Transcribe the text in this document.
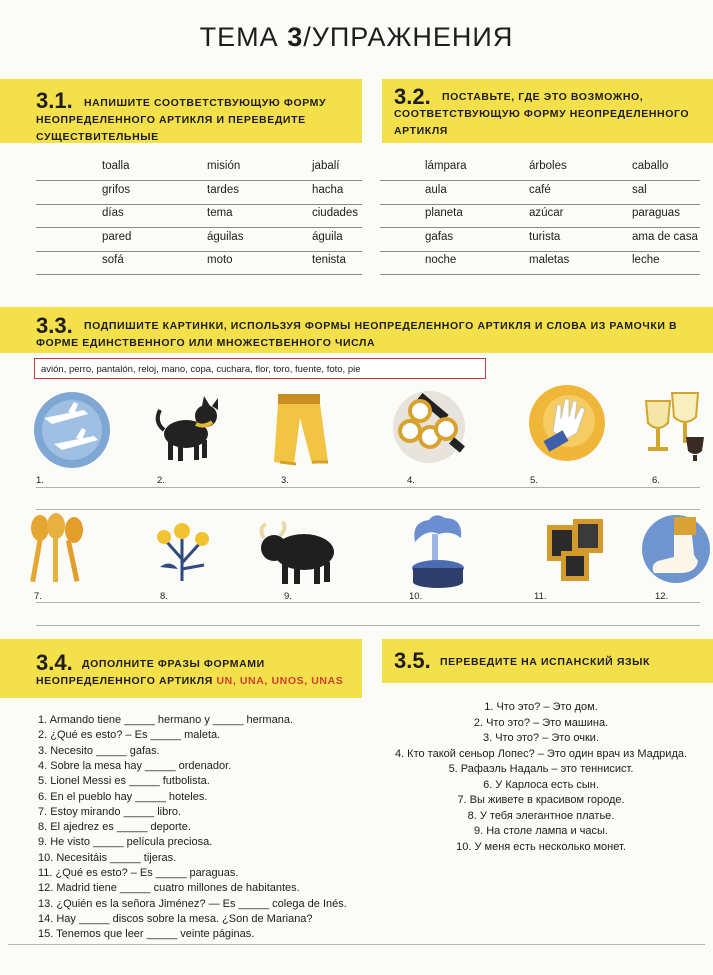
ТЕМА 3/УПРАЖНЕНИЯ
3.1.	НАПИШИТЕ СООТВЕТСТВУЮЩУЮ ФОРМУ НЕОПРЕДЕЛЕННОГО АРТИКЛЯ И ПЕРЕВЕДИТЕ СУЩЕСТВИТЕЛЬНЫЕ
3.2.	ПОСТАВЬТЕ, ГДЕ ЭТО ВОЗМОЖНО, СООТВЕТСТВУЮЩУЮ ФОРМУ НЕОПРЕДЕЛЕННОГО АРТИКЛЯ
toalla	misión	jabalí
grifos	tardes	hacha
días	tema	ciudades
pared	águilas	águila
sofá	moto	tenista
lámpara	árboles	caballo
aula	café	sal
planeta	azúcar	paraguas
gafas	turista	ama de casa
noche	maletas	leche
3.3.	ПОДПИШИТЕ КАРТИНКИ, ИСПОЛЬЗУЯ ФОРМЫ НЕОПРЕДЕЛЕННОГО АРТИКЛЯ И СЛОВА ИЗ РАМОЧКИ В ФОРМЕ ЕДИНСТВЕННОГО ИЛИ МНОЖЕСТВЕННОГО ЧИСЛА
avión, perro, pantalón, reloj, mano, copa, cuchara, flor, toro, fuente, foto, pie
1.	2.	3.	4.	5.	6.
7.	8.	9.	10.	11.	12.
3.4. ДОПОЛНИТЕ ФРАЗЫ ФОРМАМИ НЕОПРЕДЕЛЕННОГО АРТИКЛЯ UN, UNA, UNOS, UNAS
3.5. ПЕРЕВЕДИТЕ НА ИСПАНСКИЙ ЯЗЫК
1. Armando tiene _____ hermano y _____ hermana.
2. ¿Qué es esto? – Es _____ maleta.
3. Necesito _____ gafas.
4. Sobre la mesa hay _____ ordenador.
5. Lionel Messi es _____ futbolista.
6. En el pueblo hay _____ hoteles.
7. Estoy mirando _____ libro.
8. El ajedrez es _____ deporte.
9. He visto _____ película preciosa.
10. Necesitáis _____ tijeras.
11. ¿Qué es esto? – Es _____ paraguas.
12. Madrid tiene _____ cuatro millones de habitantes.
13. ¿Quién es la señora Jiménez? — Es _____ colega de Inés.
14. Hay _____ discos sobre la mesa. ¿Son de Mariana?
15. Tenemos que leer _____ veinte páginas.
1. Что это? – Это дом.
2. Что это? – Это машина.
3. Что это? – Это очки.
4. Кто такой сеньор Лопес? – Это один врач из Мадрида.
5. Рафаэль Надаль – это теннисист.
6. У Карлоса есть сын.
7. Вы живете в красивом городе.
8. У тебя элегантное платье.
9. На столе лампа и часы.
10. У меня есть несколько монет.
